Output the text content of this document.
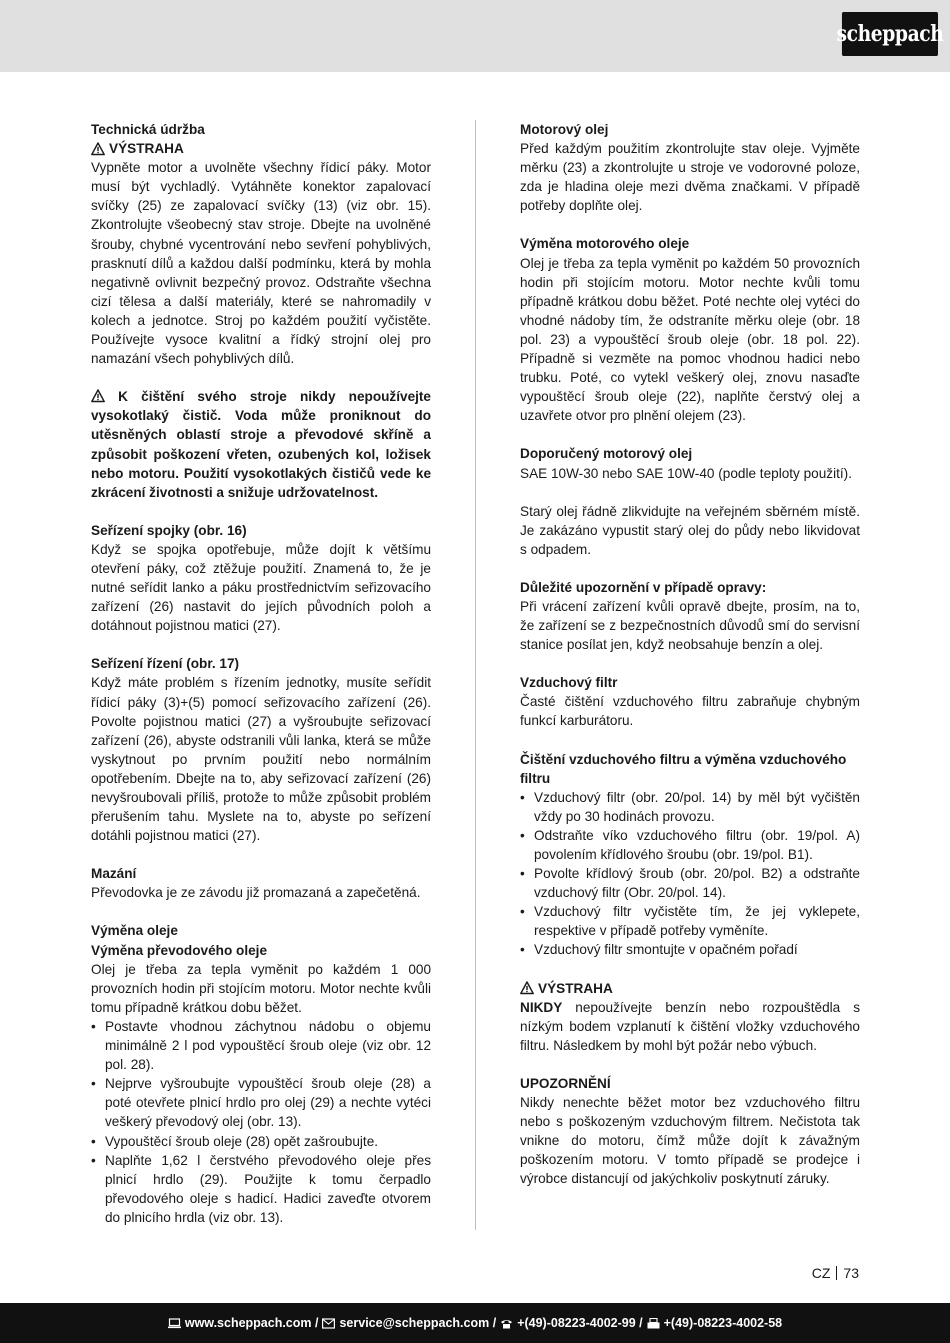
scheppach

Technická údržba

VÝSTRAHA

Vypněte motor a uvolněte všechny řídicí páky. Motor musí být vychladlý. Vytáhněte konektor zapalovací svíčky (25) ze zapalovací svíčky (13) (viz obr. 15). Zkontrolujte všeobecný stav stroje. Dbejte na uvolněné šrouby, chybné vycentrování nebo sevření pohyblivých, prasknutí dílů a každou další podmínku, která by mohla negativně ovlivnit bezpečný provoz. Odstraňte všechna cizí tělesa a další materiály, které se nahromadily v kolech a jednotce. Stroj po každém použití vyčistěte. Používejte vysoce kvalitní a řídký strojní olej pro namazání všech pohyblivých dílů.

K čištění svého stroje nikdy nepoužívejte vysokotlaký čistič. Voda může proniknout do utěsněných oblastí stroje a převodové skříně a způsobit poškození vřeten, ozubených kol, ložisek nebo motoru. Použití vysokotlakých čističů vede ke zkrácení životnosti a snižuje udržovatelnost.

Seřízení spojky (obr. 16)

Když se spojka opotřebuje, může dojít k většímu otevření páky, což ztěžuje použití. Znamená to, že je nutné seřídit lanko a páku prostřednictvím seřizovacího zařízení (26) nastavit do jejích původních poloh a dotáhnout pojistnou matici (27).

Seřízení řízení (obr. 17)

Když máte problém s řízením jednotky, musíte seřídit řídicí páky (3)+(5) pomocí seřizovacího zařízení (26). Povolte pojistnou matici (27) a vyšroubujte seřizovací zařízení (26), abyste odstranili vůli lanka, která se může vyskytnout po prvním použití nebo normálním opotřebením. Dbejte na to, aby seřizovací zařízení (26) nevyšroubovali příliš, protože to může způsobit problém přerušením tahu. Myslete na to, abyste po seřízení dotáhli pojistnou matici (27).

Mazání

Převodovka je ze závodu již promazaná a zapečetěná.

Výměna oleje

Výměna převodového oleje

Olej je třeba za tepla vyměnit po každém 1 000 provozních hodin při stojícím motoru. Motor nechte kvůli tomu případně krátkou dobu běžet.

• Postavte vhodnou záchytnou nádobu o objemu minimálně 2 l pod vypouštěcí šroub oleje (viz obr. 12 pol. 28).
• Nejprve vyšroubujte vypouštěcí šroub oleje (28) a poté otevřete plnicí hrdlo pro olej (29) a nechte vytéci veškerý převodový olej (obr. 13).
• Vypouštěcí šroub oleje (28) opět zašroubujte.
• Naplňte 1,62 l čerstvého převodového oleje přes plnicí hrdlo (29). Použijte k tomu čerpadlo převodového oleje s hadicí. Hadici zaveďte otvorem do plnicího hrdla (viz obr. 13).

Motorový olej

Před každým použitím zkontrolujte stav oleje. Vyjměte měrku (23) a zkontrolujte u stroje ve vodorovné poloze, zda je hladina oleje mezi dvěma značkami. V případě potřeby doplňte olej.

Výměna motorového oleje

Olej je třeba za tepla vyměnit po každém 50 provozních hodin při stojícím motoru. Motor nechte kvůli tomu případně krátkou dobu běžet. Poté nechte olej vytéci do vhodné nádoby tím, že odstraníte měrku oleje (obr. 18 pol. 23) a vypouštěcí šroub oleje (obr. 18 pol. 22). Případně si vezměte na pomoc vhodnou hadici nebo trubku. Poté, co vytekl veškerý olej, znovu nasaďte vypouštěcí šroub oleje (22), naplňte čerstvý olej a uzavřete otvor pro plnění olejem (23).

Doporučený motorový olej

SAE 10W-30 nebo SAE 10W-40 (podle teploty použití).

Starý olej řádně zlikvidujte na veřejném sběrném místě. Je zakázáno vypustit starý olej do půdy nebo likvidovat s odpadem.

Důležité upozornění v případě opravy:

Při vrácení zařízení kvůli opravě dbejte, prosím, na to, že zařízení se z bezpečnostních důvodů smí do servisní stanice posílat jen, když neobsahuje benzín a olej.

Vzduchový filtr

Časté čištění vzduchového filtru zabraňuje chybným funkcí karburátoru.

Čištění vzduchového filtru a výměna vzduchového filtru

• Vzduchový filtr (obr. 20/pol. 14) by měl být vyčištěn vždy po 30 hodinách provozu.
• Odstraňte víko vzduchového filtru (obr. 19/pol. A) povolením křídlového šroubu (obr. 19/pol. B1).
• Povolte křídlový šroub (obr. 20/pol. B2) a odstraňte vzduchový filtr (Obr. 20/pol. 14).
• Vzduchový filtr vyčistěte tím, že jej vyklepete, respektive v případě potřeby vyměníte.
• Vzduchový filtr smontujte v opačném pořadí

VÝSTRAHA

NIKDY nepoužívejte benzín nebo rozpouštědla s nízkým bodem vzplanutí k čištění vložky vzduchového filtru. Následkem by mohl být požár nebo výbuch.

UPOZORNĚNÍ

Nikdy nenechte běžet motor bez vzduchového filtru nebo s poškozeným vzduchovým filtrem. Nečistota tak vnikne do motoru, čímž může dojít k závažným poškozením motoru. V tomto případě se prodejce i výrobce distancují od jakýchkoliv poskytnutí záruky.

CZ 73
www.scheppach.com / service@scheppach.com / +(49)-08223-4002-99 / +(49)-08223-4002-58
